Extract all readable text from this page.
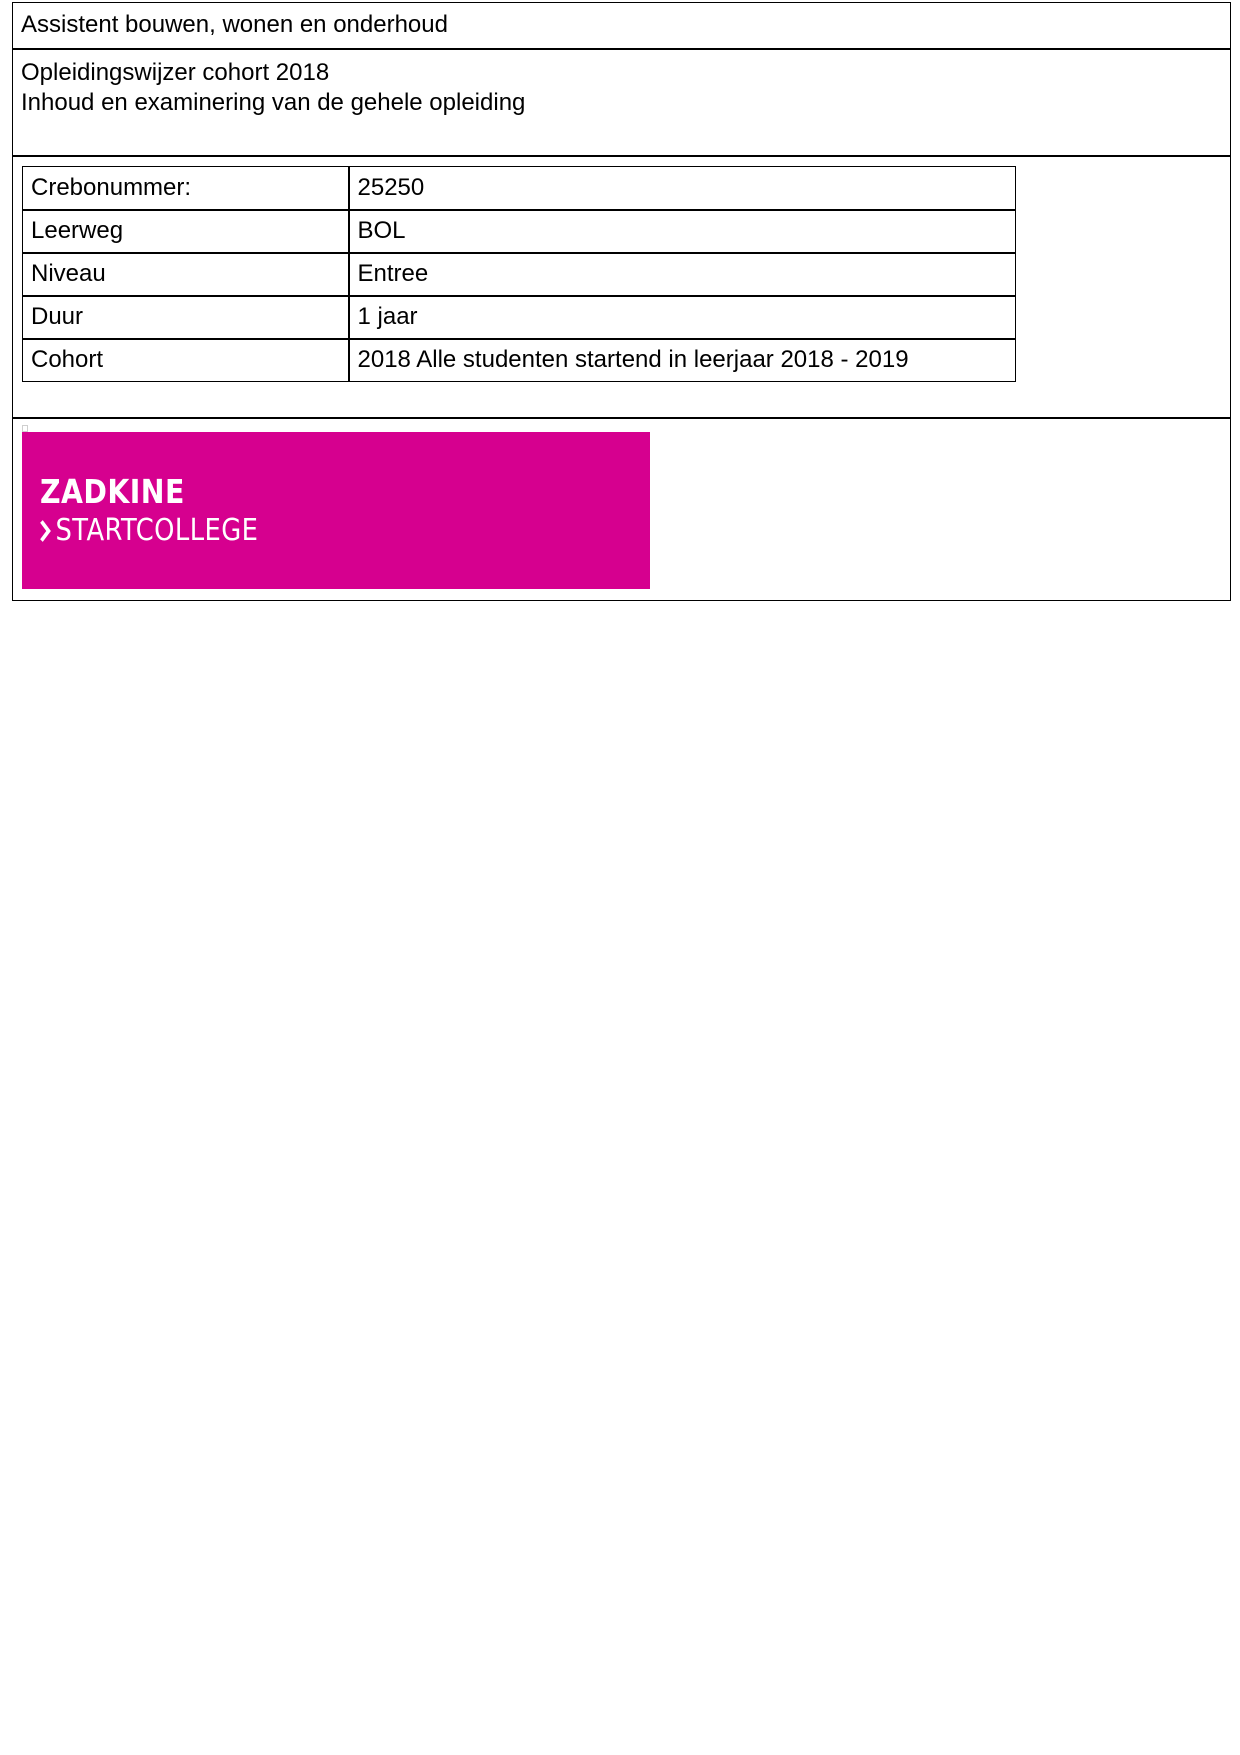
Assistent bouwen, wonen en onderhoud
Opleidingswijzer cohort 2018
Inhoud en examinering van de gehele opleiding
Crebonummer:	25250
Leerweg	BOL
Niveau	Entree
Duur	1 jaar
Cohort	2018 Alle studenten startend in leerjaar 2018 - 2019
ZADKINE
STARTCOLLEGE
